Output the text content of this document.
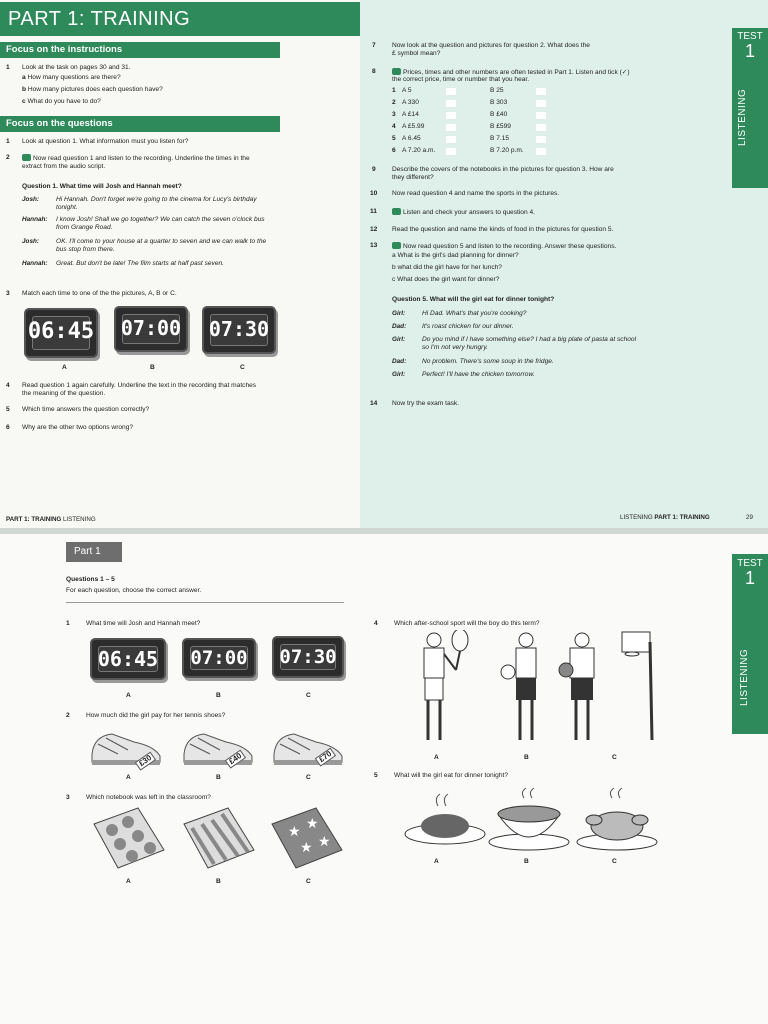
PART 1: TRAINING
Focus on the instructions
1 Look at the task on pages 30 and 31.
a How many questions are there?
b How many pictures does each question have?
c What do you have to do?
Focus on the questions
1 Look at question 1. What information must you listen for?
2	Now read question 1 and listen to the recording. Underline the times in the
extract from the audio script.
Question 1. What time will Josh and Hannah meet?
Josh:	Hi Hannah. Don't forget we're going to the cinema for Lucy's birthday
tonight.
Hannah: I know Josh! Shall we go together? We can catch the seven o'clock bus
from Grange Road.
Josh:	OK. I'll come to your house at a quarter to seven and we can walk to the
bus stop from there.
Hannah: Great. But don't be late! The film starts at half past seven.
3 Match each time to one of the the pictures, A, B or C.
06:45 07:00 07:30
A	B	C
4 Read question 1 again carefully. Underline the text in the recording that matches
the meaning of the question.
5 Which time answers the question correctly?
6 Why are the other two options wrong?
PART 1: TRAINING LISTENING
7 Now look at the question and pictures for question 2. What does the
£ symbol mean?
8	Prices, times and other numbers are often tested in Part 1. Listen and tick (✓)
the correct price, time or number that you hear.
1 A 5	B 25
2 A 330	B 303
3 A £14	B £40
4 A £5.99	B £599
5 A 6.45	B 7.15
6 A 7.20 a.m.	B 7.20 p.m.
9 Describe the covers of the notebooks in the pictures for question 3. How are
they different?
10 Now read question 4 and name the sports in the pictures.
11	Listen and check your answers to question 4.
12 Read the question and name the kinds of food in the pictures for question 5.
13	Now read question 5 and listen to the recording. Answer these questions.
a What is the girl's dad planning for dinner?
b what did the girl have for her lunch?
c What does the girl want for dinner?
Question 5. What will the girl eat for dinner tonight?
Girl:	Hi Dad. What's that you're cooking?
Dad: It's roast chicken for our dinner.
Girl:	Do you mind if I have something else? I had a big plate of pasta at school
so I'm not very hungry.
Dad: No problem. There's some soup in the fridge.
Girl:	Perfect! I'll have the chicken tomorrow.
14 Now try the exam task.
TEST
1
LISTENING
LISTENING PART 1: TRAINING	29
Part 1
Questions 1 – 5
For each question, choose the correct answer.
1 What time will Josh and Hannah meet?
06:45	07:00	07:30
A	B	C
2 How much did the girl pay for her tennis shoes?
£30	£40	£70
A	B	C
3 Which notebook was left in the classroom?
★ ★
★ ★
A	B	C
4 Which after-school sport will the boy do this term?
A	B	C
5 What will the girl eat for dinner tonight?
A	B	C
TEST
1
LISTENING
